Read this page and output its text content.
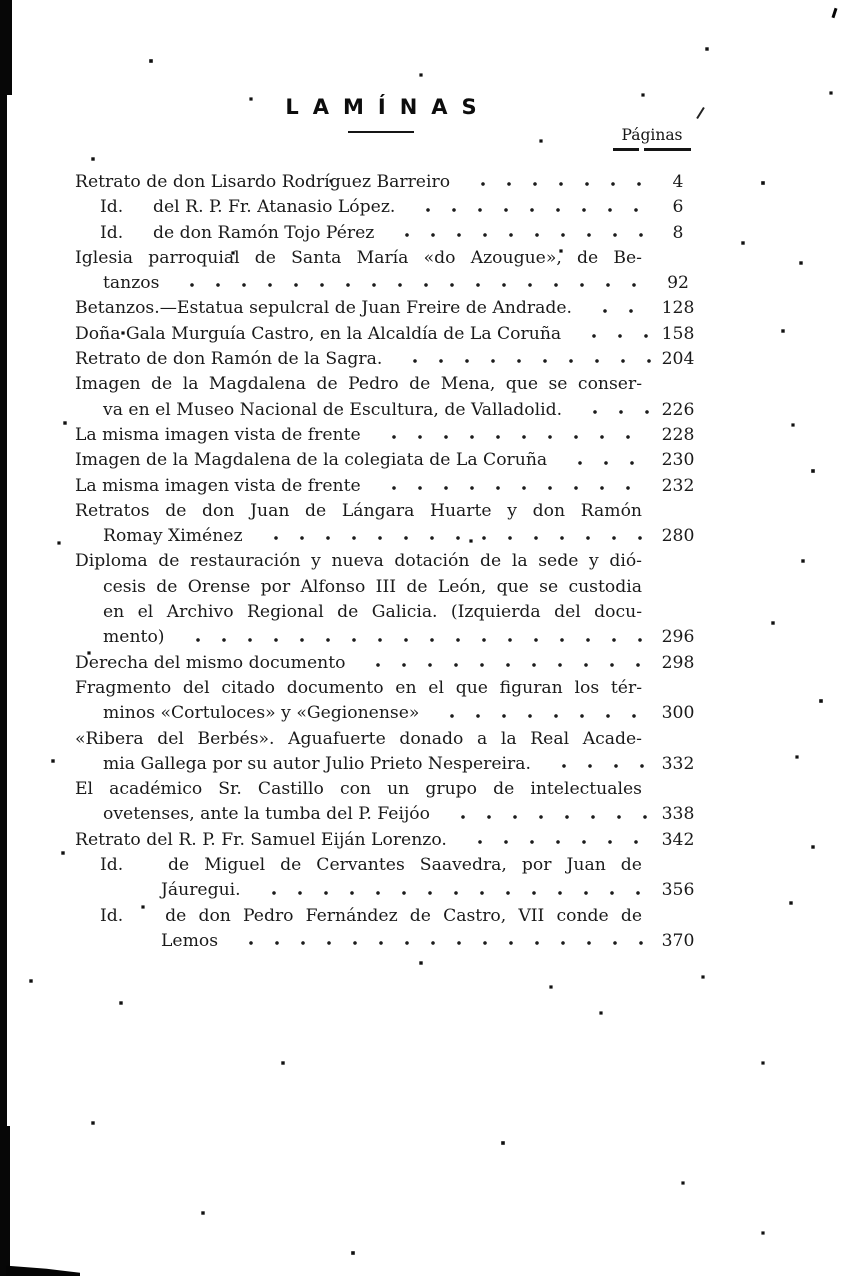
LAMÍNAS
Páginas
Retrato de don Lisardo Rodríguez Barreiro	4
Id.	del R. P. Fr. Atanasio López.	6
Id.	de don Ramón Tojo Pérez	8
Iglesia parroquial de Santa María «do Azougue», de Be-
tanzos	92
Betanzos.—Estatua sepulcral de Juan Freire de Andrade.	128
Doña Gala Murguía Castro, en la Alcaldía de La Coruña	158
Retrato de don Ramón de la Sagra.	204
Imagen de la Magdalena de Pedro de Mena, que se conser-
va en el Museo Nacional de Escultura, de Valladolid.	226
La misma imagen vista de frente	228
Imagen de la Magdalena de la colegiata de La Coruña	230
La misma imagen vista de frente	232
Retratos de don Juan de Lángara Huarte y don Ramón
Romay Ximénez	280
Diploma de restauración y nueva dotación de la sede y dió-
cesis de Orense por Alfonso III de León, que se custodia
en el Archivo Regional de Galicia. (Izquierda del docu-
mento)	296
Derecha del mismo documento	298
Fragmento del citado documento en el que figuran los tér-
minos «Cortuloces» y «Gegionense»	300
«Ribera del Berbés». Aguafuerte donado a la Real Acade-
mia Gallega por su autor Julio Prieto Nespereira.	332
El académico Sr. Castillo con un grupo de intelectuales
ovetenses, ante la tumba del P. Feijóo	338
Retrato del R. P. Fr. Samuel Eiján Lorenzo.	342
Id.	de Miguel de Cervantes Saavedra, por Juan de
Jáuregui.	356
Id. de don Pedro Fernández de Castro, VII conde de
Lemos	370
